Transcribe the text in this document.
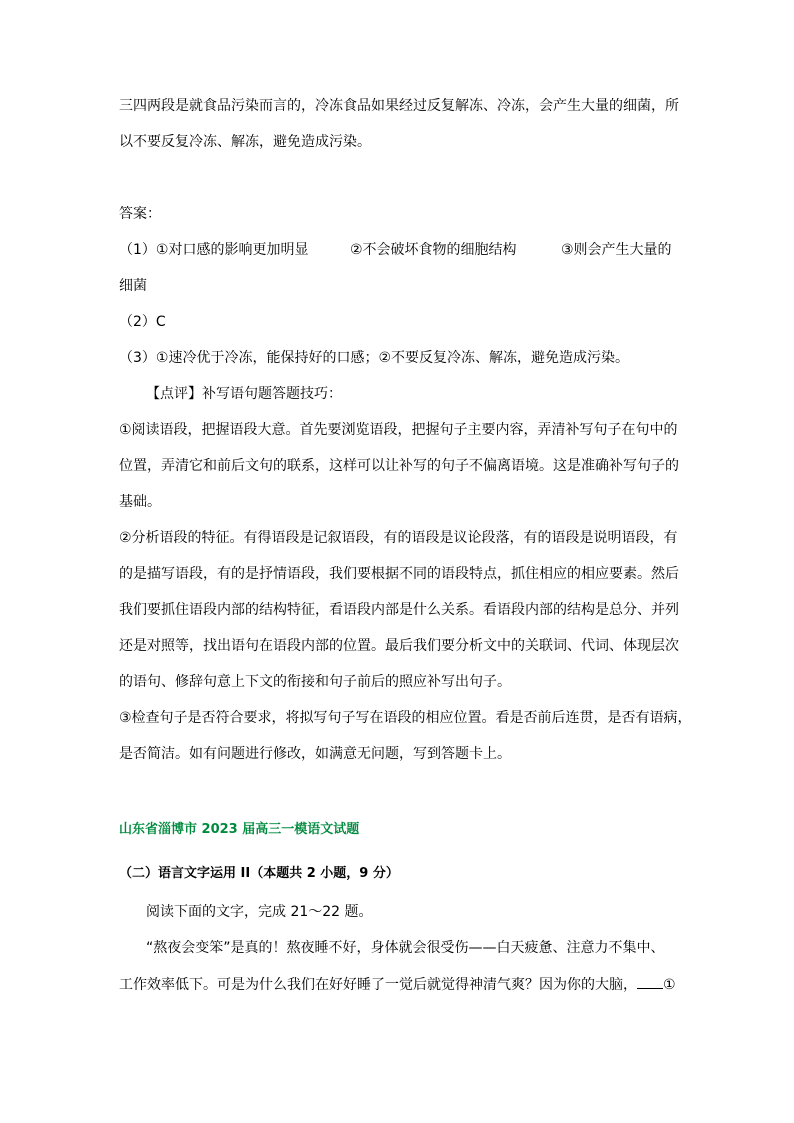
三四两段是就食品污染而言的，冷冻食品如果经过反复解冻、冷冻，会产生大量的细菌，所
以不要反复冷冻、解冻，避免造成污染。
答案：
（1）①对口感的影响更加明显	②不会破坏食物的细胞结构	③则会产生大量的
细菌
（2）C
（3）①速冷优于冷冻，能保持好的口感；②不要反复冷冻、解冻，避免造成污染。
【点评】补写语句题答题技巧：
①阅读语段，把握语段大意。首先要浏览语段，把握句子主要内容，弄清补写句子在句中的
位置，弄清它和前后文句的联系，这样可以让补写的句子不偏离语境。这是准确补写句子的
基础。
②分析语段的特征。有得语段是记叙语段，有的语段是议论段落，有的语段是说明语段，有
的是描写语段，有的是抒情语段，我们要根据不同的语段特点，抓住相应的相应要素。然后
我们要抓住语段内部的结构特征，看语段内部是什么关系。看语段内部的结构是总分、并列
还是对照等，找出语句在语段内部的位置。最后我们要分析文中的关联词、代词、体现层次
的语句、修辞句意上下文的衔接和句子前后的照应补写出句子。
③检查句子是否符合要求，将拟写句子写在语段的相应位置。看是否前后连贯，是否有语病，
是否简洁。如有问题进行修改，如满意无问题，写到答题卡上。
山东省淄博市 2023 届高三一模语文试题
（二）语言文字运用 II（本题共 2 小题，9 分）
阅读下面的文字，完成 21～22 题。
“熬夜会变笨”是真的！熬夜睡不好，身体就会很受伤——白天疲惫、注意力不集中、
工作效率低下。可是为什么我们在好好睡了一觉后就觉得神清气爽？因为你的大脑， ①
